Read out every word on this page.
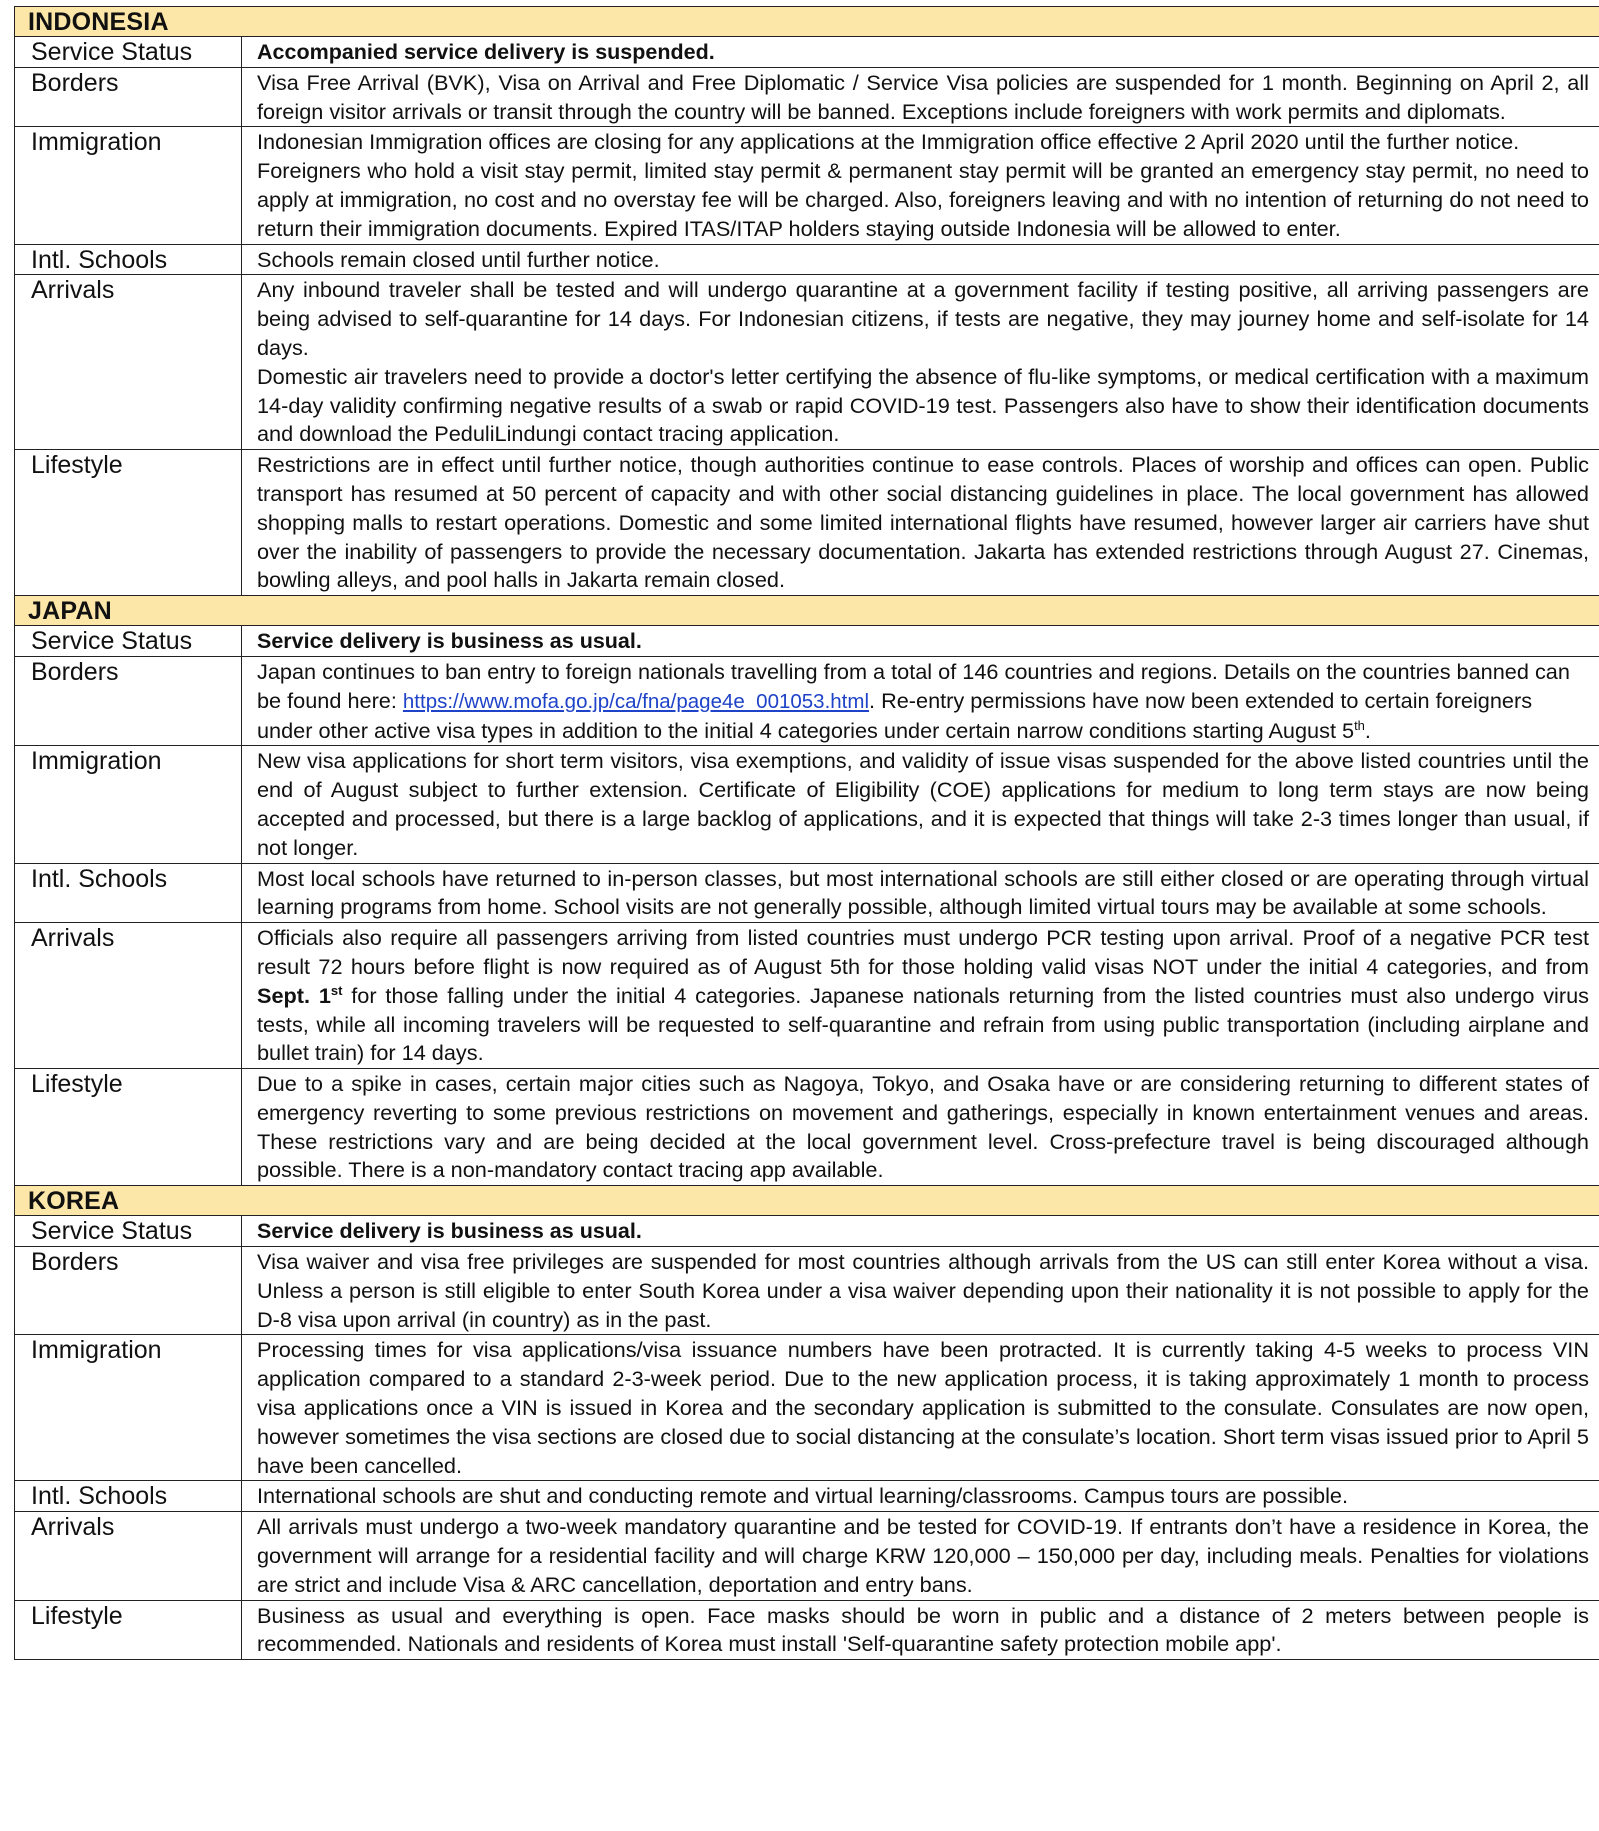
INDONESIA	
Service Status	Accompanied service delivery is suspended.
Borders	Visa Free Arrival (BVK), Visa on Arrival and Free Diplomatic / Service Visa policies are suspended for 1 month. Beginning on April 2, all foreign visitor arrivals or transit through the country will be banned. Exceptions include foreigners with work permits and diplomats.
Immigration	Indonesian Immigration offices are closing for any applications at the Immigration office effective 2 April 2020 until the further notice.

Foreigners who hold a visit stay permit, limited stay permit & permanent stay permit will be granted an emergency stay permit, no need to apply at immigration, no cost and no overstay fee will be charged. Also, foreigners leaving and with no intention of returning do not need to return their immigration documents. Expired ITAS/ITAP holders staying outside Indonesia will be allowed to enter.

Intl. Schools	Schools remain closed until further notice.
Arrivals	Any inbound traveler shall be tested and will undergo quarantine at a government facility if testing positive, all arriving passengers are being advised to self-quarantine for 14 days. For Indonesian citizens, if tests are negative, they may journey home and self-isolate for 14 days.

Domestic air travelers need to provide a doctor's letter certifying the absence of flu-like symptoms, or medical certification with a maximum 14-day validity confirming negative results of a swab or rapid COVID-19 test. Passengers also have to show their identification documents and download the PeduliLindungi contact tracing application.

Lifestyle	Restrictions are in effect until further notice, though authorities continue to ease controls. Places of worship and offices can open. Public transport has resumed at 50 percent of capacity and with other social distancing guidelines in place. The local government has allowed shopping malls to restart operations. Domestic and some limited international flights have resumed, however larger air carriers have shut over the inability of passengers to provide the necessary documentation. Jakarta has extended restrictions through August 27. Cinemas, bowling alleys, and pool halls in Jakarta remain closed.
JAPAN	
Service Status	Service delivery is business as usual.
Borders	Japan continues to ban entry to foreign nationals travelling from a total of 146 countries and regions. Details on the countries banned can be found here: https://www.mofa.go.jp/ca/fna/page4e_001053.html. Re-entry permissions have now been extended to certain foreigners under other active visa types in addition to the initial 4 categories under certain narrow conditions starting August 5th.
Immigration	New visa applications for short term visitors, visa exemptions, and validity of issue visas suspended for the above listed countries until the end of August subject to further extension. Certificate of Eligibility (COE) applications for medium to long term stays are now being accepted and processed, but there is a large backlog of applications, and it is expected that things will take 2-3 times longer than usual, if not longer.
Intl. Schools	Most local schools have returned to in-person classes, but most international schools are still either closed or are operating through virtual learning programs from home. School visits are not generally possible, although limited virtual tours may be available at some schools.
Arrivals	Officials also require all passengers arriving from listed countries must undergo PCR testing upon arrival. Proof of a negative PCR test result 72 hours before flight is now required as of August 5th for those holding valid visas NOT under the initial 4 categories, and from Sept. 1st for those falling under the initial 4 categories. Japanese nationals returning from the listed countries must also undergo virus tests, while all incoming travelers will be requested to self-quarantine and refrain from using public transportation (including airplane and bullet train) for 14 days.
Lifestyle	Due to a spike in cases, certain major cities such as Nagoya, Tokyo, and Osaka have or are considering returning to different states of emergency reverting to some previous restrictions on movement and gatherings, especially in known entertainment venues and areas. These restrictions vary and are being decided at the local government level. Cross-prefecture travel is being discouraged although possible. There is a non-mandatory contact tracing app available.
KOREA	
Service Status	Service delivery is business as usual.
Borders	Visa waiver and visa free privileges are suspended for most countries although arrivals from the US can still enter Korea without a visa. Unless a person is still eligible to enter South Korea under a visa waiver depending upon their nationality it is not possible to apply for the D-8 visa upon arrival (in country) as in the past.
Immigration	Processing times for visa applications/visa issuance numbers have been protracted. It is currently taking 4-5 weeks to process VIN application compared to a standard 2-3-week period. Due to the new application process, it is taking approximately 1 month to process visa applications once a VIN is issued in Korea and the secondary application is submitted to the consulate. Consulates are now open, however sometimes the visa sections are closed due to social distancing at the consulate’s location. Short term visas issued prior to April 5 have been cancelled.
Intl. Schools	International schools are shut and conducting remote and virtual learning/classrooms. Campus tours are possible.
Arrivals	All arrivals must undergo a two-week mandatory quarantine and be tested for COVID-19. If entrants don’t have a residence in Korea, the government will arrange for a residential facility and will charge KRW 120,000 – 150,000 per day, including meals. Penalties for violations are strict and include Visa & ARC cancellation, deportation and entry bans.
Lifestyle	Business as usual and everything is open. Face masks should be worn in public and a distance of 2 meters between people is recommended. Nationals and residents of Korea must install 'Self-quarantine safety protection mobile app'.
